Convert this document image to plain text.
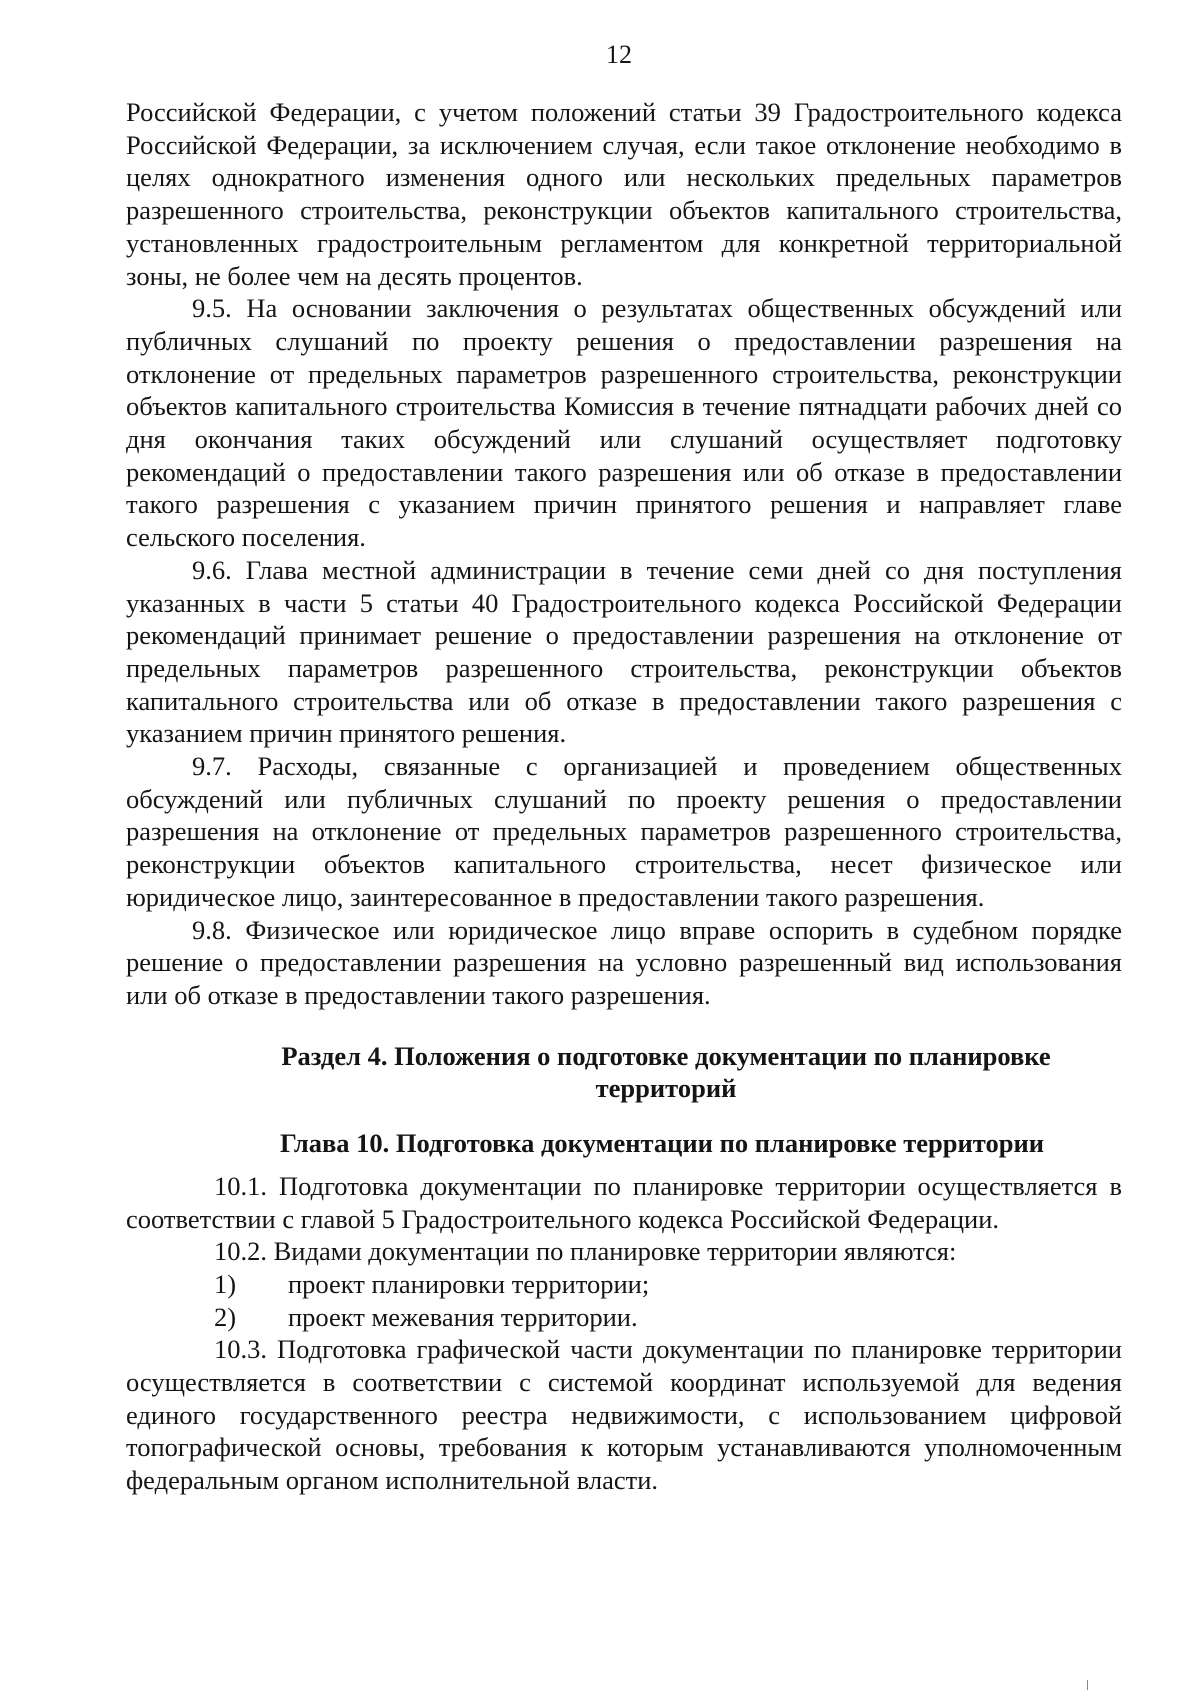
12

Российской Федерации, с учетом положений статьи 39 Градостроительного кодекса Российской Федерации, за исключением случая, если такое отклонение необходимо в целях однократного изменения одного или нескольких предельных параметров разрешенного строительства, реконструкции объектов капитального строительства, установленных градостроительным регламентом для конкретной территориальной зоны, не более чем на десять процентов.

9.5. На основании заключения о результатах общественных обсуждений или публичных слушаний по проекту решения о предоставлении разрешения на отклонение от предельных параметров разрешенного строительства, реконструкции объектов капитального строительства Комиссия в течение пятнадцати рабочих дней со дня окончания таких обсуждений или слушаний осуществляет подготовку рекомендаций о предоставлении такого разрешения или об отказе в предоставлении такого разрешения с указанием причин принятого решения и направляет главе сельского поселения.

9.6. Глава местной администрации в течение семи дней со дня поступления указанных в части 5 статьи 40 Градостроительного кодекса Российской Федерации рекомендаций принимает решение о предоставлении разрешения на отклонение от предельных параметров разрешенного строительства, реконструкции объектов капитального строительства или об отказе в предоставлении такого разрешения с указанием причин принятого решения.

9.7. Расходы, связанные с организацией и проведением общественных обсуждений или публичных слушаний по проекту решения о предоставлении разрешения на отклонение от предельных параметров разрешенного строительства, реконструкции объектов капитального строительства, несет физическое или юридическое лицо, заинтересованное в предоставлении такого разрешения.

9.8. Физическое или юридическое лицо вправе оспорить в судебном порядке решение о предоставлении разрешения на условно разрешенный вид использования или об отказе в предоставлении такого разрешения.

Раздел 4. Положения о подготовке документации по планировке территорий
Глава 10. Подготовка документации по планировке территории

10.1. Подготовка документации по планировке территории осуществляется в соответствии с главой 5 Градостроительного кодекса Российской Федерации.

10.2. Видами документации по планировке территории являются:

1)	проект планировки территории;
2)	проект межевания территории.

10.3. Подготовка графической части документации по планировке территории осуществляется в соответствии с системой координат используемой для ведения единого государственного реестра недвижимости, с использованием цифровой топографической основы, требования к которым устанавливаются уполномоченным федеральным органом исполнительной власти.
